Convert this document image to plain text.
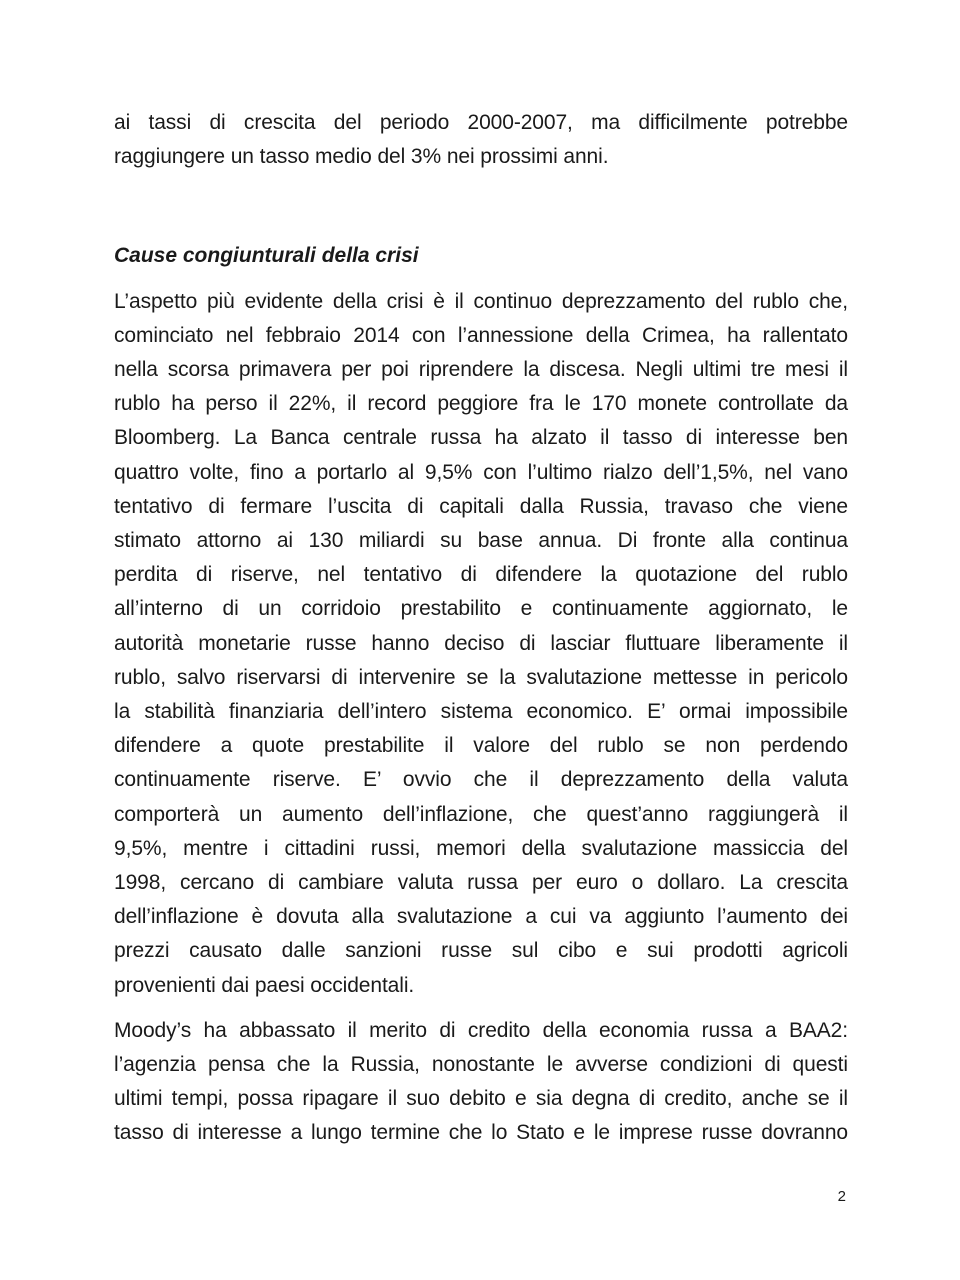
ai tassi di crescita del periodo 2000-2007, ma difficilmente potrebbe
raggiungere un tasso medio del 3% nei prossimi anni.

Cause congiunturali della crisi

L’aspetto più evidente della crisi è il continuo deprezzamento del rublo che,
cominciato nel febbraio 2014 con l’annessione della Crimea, ha rallentato
nella scorsa primavera per poi riprendere la discesa. Negli ultimi tre mesi il
rublo ha perso il 22%, il record peggiore fra le 170 monete controllate da
Bloomberg. La Banca centrale russa ha alzato il tasso di interesse ben
quattro volte, fino a portarlo al 9,5% con l’ultimo rialzo dell’1,5%, nel vano
tentativo di fermare l’uscita di capitali dalla Russia, travaso che viene
stimato attorno ai 130 miliardi su base annua. Di fronte alla continua
perdita di riserve, nel tentativo di difendere la quotazione del rublo
all’interno di un corridoio prestabilito e continuamente aggiornato, le
autorità monetarie russe hanno deciso di lasciar fluttuare liberamente il
rublo, salvo riservarsi di intervenire se la svalutazione mettesse in pericolo
la stabilità finanziaria dell’intero sistema economico. E’ ormai impossibile
difendere a quote prestabilite il valore del rublo se non perdendo
continuamente riserve. E’ ovvio che il deprezzamento della valuta
comporterà un aumento dell’inflazione, che quest’anno raggiungerà il
9,5%, mentre i cittadini russi, memori della svalutazione massiccia del
1998, cercano di cambiare valuta russa per euro o dollaro. La crescita
dell’inflazione è dovuta alla svalutazione a cui va aggiunto l’aumento dei
prezzi causato dalle sanzioni russe sul cibo e sui prodotti agricoli
provenienti dai paesi occidentali.

Moody’s ha abbassato il merito di credito della economia russa a BAA2:
l’agenzia pensa che la Russia, nonostante le avverse condizioni di questi
ultimi tempi, possa ripagare il suo debito e sia degna di credito, anche se il
tasso di interesse a lungo termine che lo Stato e le imprese russe dovranno

2
